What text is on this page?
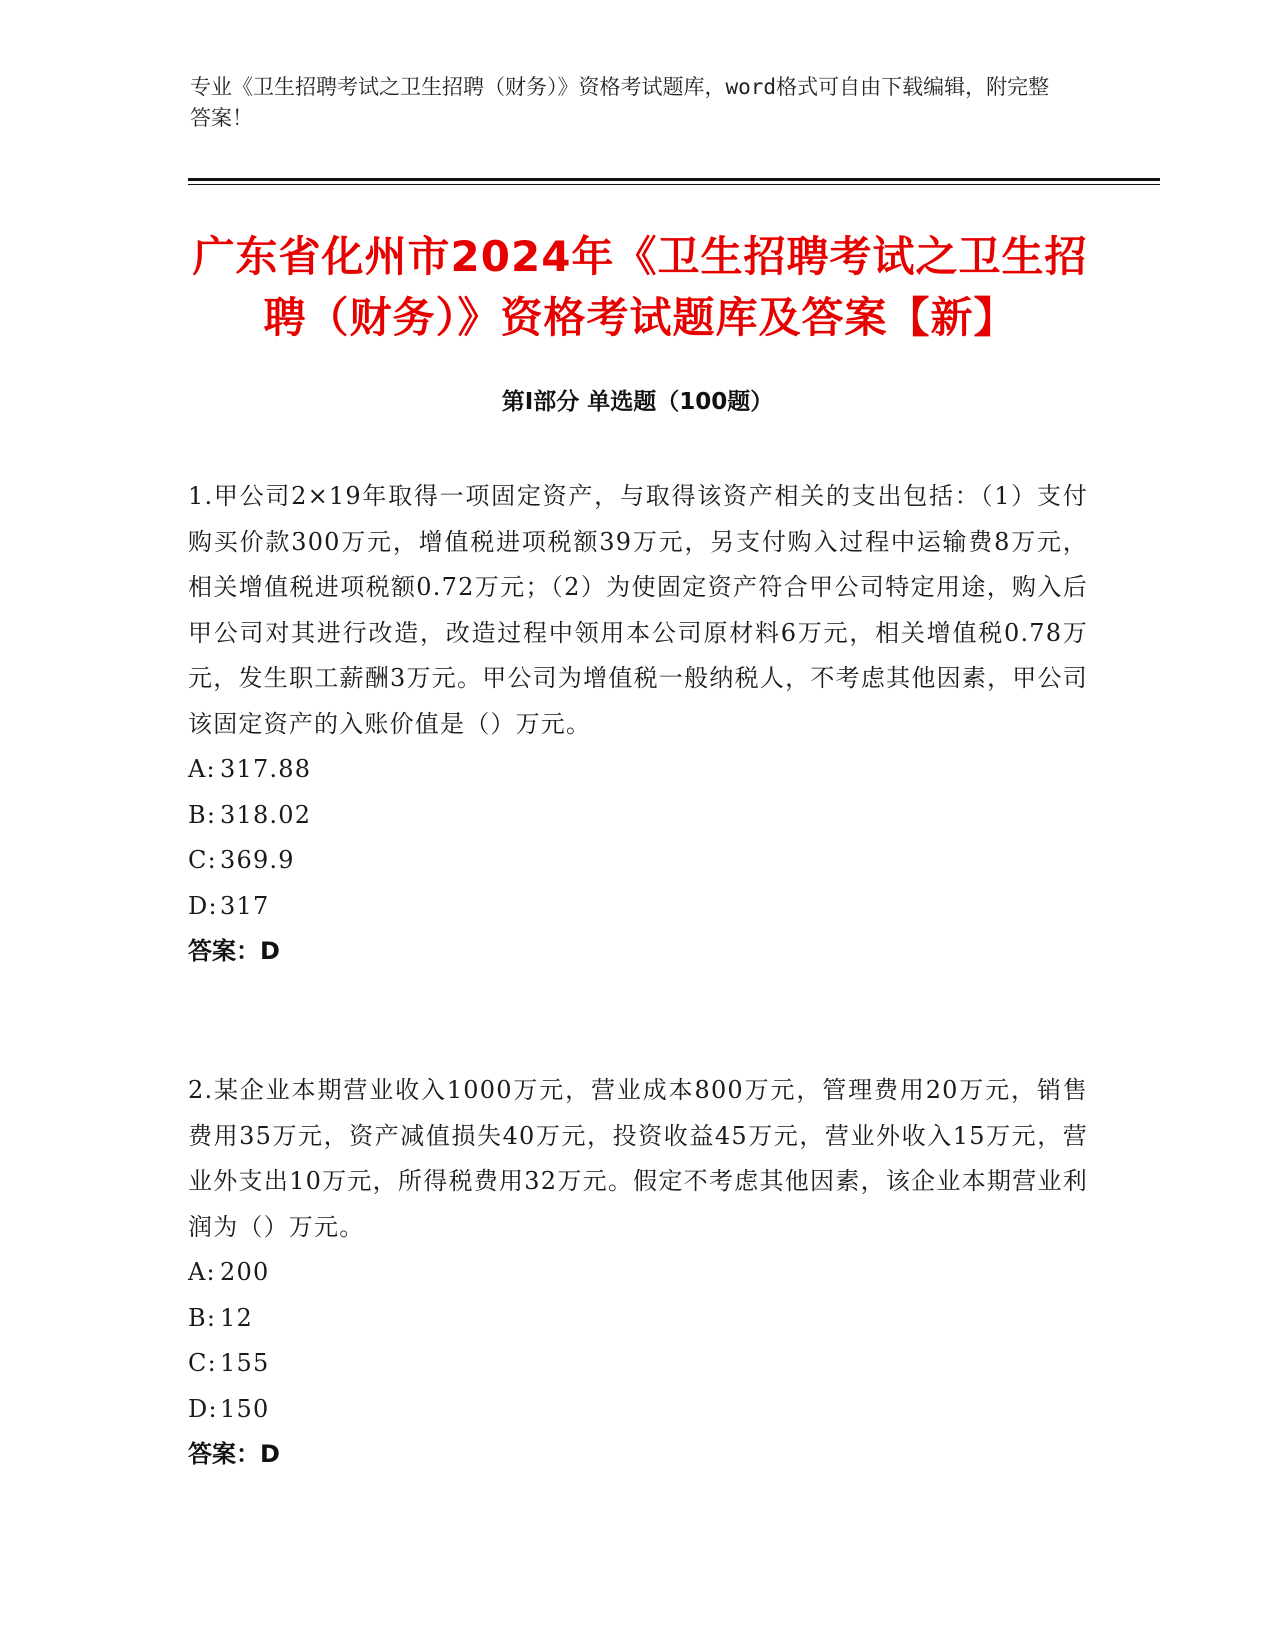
专业《卫生招聘考试之卫生招聘（财务）》资格考试题库，word格式可自由下载编辑，附完整答案！
广东省化州市2024年《卫生招聘考试之卫生招聘（财务）》资格考试题库及答案【新】
第I部分 单选题（100题）
1.甲公司2×19年取得一项固定资产，与取得该资产相关的支出包括：（1）支付购买价款300万元，增值税进项税额39万元，另支付购入过程中运输费8万元，相关增值税进项税额0.72万元；（2）为使固定资产符合甲公司特定用途，购入后甲公司对其进行改造，改造过程中领用本公司原材料6万元，相关增值税0.78万元，发生职工薪酬3万元。甲公司为增值税一般纳税人，不考虑其他因素，甲公司该固定资产的入账价值是（）万元。
A: 317.88
B: 318.02
C: 369.9
D:317
答案：D
2.某企业本期营业收入1000万元，营业成本800万元，管理费用20万元，销售费用35万元，资产减值损失40万元，投资收益45万元，营业外收入15万元，营业外支出10万元，所得税费用32万元。假定不考虑其他因素，该企业本期营业利润为（）万元。
A: 200
B: 12
C: 155
D:150
答案：D
